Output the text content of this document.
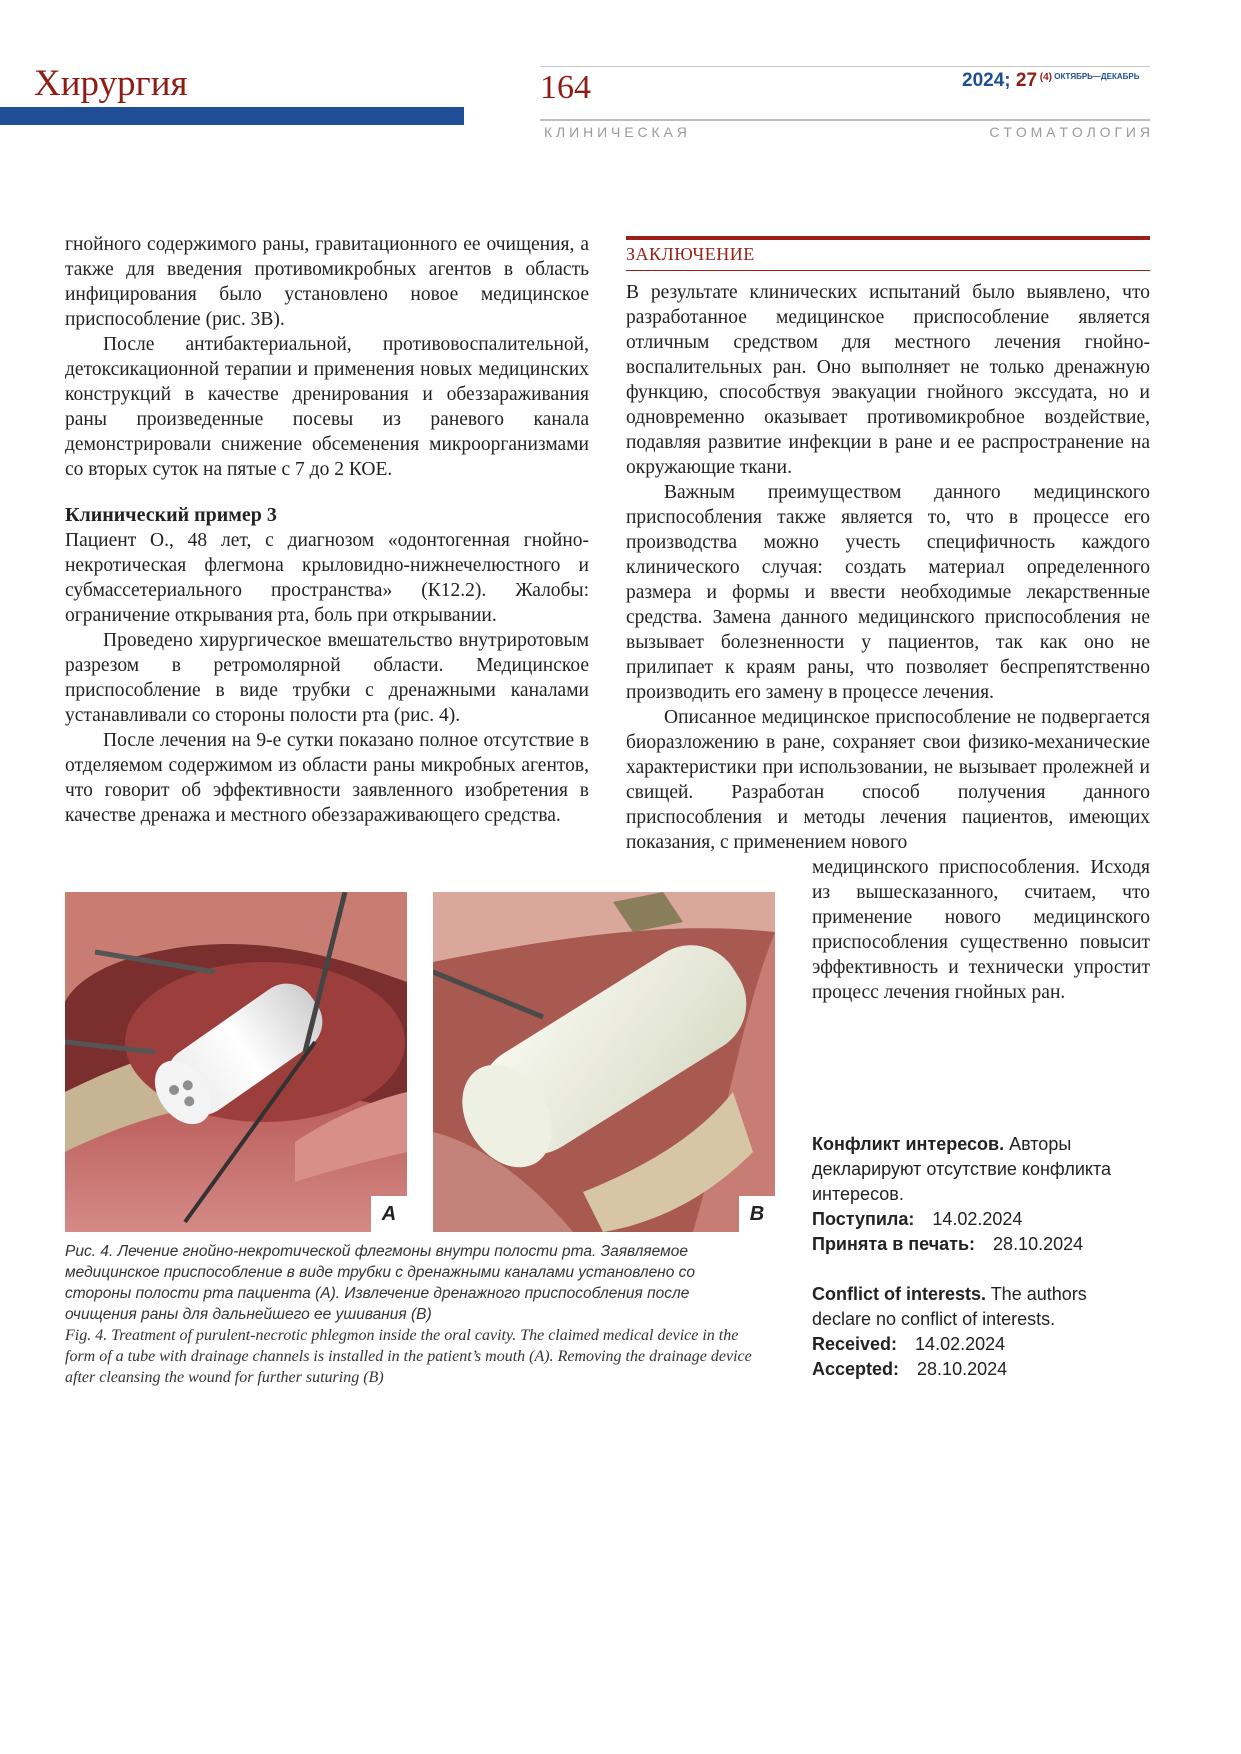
Хирургия	164	2024; 27 $^{(4)}$ $^{ОКТЯБРЬ—ДЕКАБРЬ}$
К Л И Н И Ч Е С К А Я	С Т О М А Т О Л О Г И Я

гнойного содержимого раны, гравитационного ее очищения, а также для введения противомикробных агентов в область инфицирования было установлено новое медицинское приспособление (рис. 3В).

После антибактериальной, противовоспалительной, детоксикационной терапии и применения новых медицинских конструкций в качестве дренирования и обеззараживания раны произведенные посевы из раневого канала демонстрировали снижение обсеменения микроорганизмами со вторых суток на пятые с 7 до 2 КОЕ.

Клинический пример 3

Пациент О., 48 лет, с диагнозом «одонтогенная гнойно-некротическая флегмона крыловидно-нижнечелюстного и субмассетериального пространства» (К12.2). Жалобы: ограничение открывания рта, боль при открывании.

Проведено хирургическое вмешательство внутриротовым разрезом в ретромолярной области. Медицинское приспособление в виде трубки с дренажными каналами устанавливали со стороны полости рта (рис. 4).

После лечения на 9-е сутки показано полное отсутствие в отделяемом содержимом из области раны микробных агентов, что говорит об эффективности заявленного изобретения в качестве дренажа и местного обеззараживающего средства.

ЗАКЛЮЧЕНИЕ

В результате клинических испытаний было выявлено, что разработанное медицинское приспособление является отличным средством для местного лечения гнойно-воспалительных ран. Оно выполняет не только дренажную функцию, способствуя эвакуации гнойного экссудата, но и одновременно оказывает противомикробное воздействие, подавляя развитие инфекции в ране и ее распространение на окружающие ткани.

Важным преимуществом данного медицинского приспособления также является то, что в процессе его производства можно учесть специфичность каждого клинического случая: создать материал определенного размера и формы и ввести необходимые лекарственные средства. Замена данного медицинского приспособления не вызывает болезненности у пациентов, так как оно не прилипает к краям раны, что позволяет беспрепятственно производить его замену в процессе лечения.

Описанное медицинское приспособление не подвергается биоразложению в ране, сохраняет свои физико-механические характеристики при использовании, не вызывает пролежней и свищей. Разработан способ получения данного приспособления и методы лечения пациентов, имеющих показания, с применением нового

медицинского приспособления. Исходя из вышесказанного, считаем, что применение нового медицинского приспособления существенно повысит эффективность и технически упростит процесс лечения гнойных ран.

A	B
Рис. 4. Лечение гнойно-некротической флегмоны внутри полости рта. Заявляемое медицинское приспособление в виде трубки с дренажными каналами установлено со стороны полости рта пациента (А). Извлечение дренажного приспособления после очищения раны для дальнейшего ее ушивания (В)
Fig. 4. Treatment of purulent-necrotic phlegmon inside the oral cavity. The claimed medical device in the form of a tube with drainage channels is installed in the patient’s mouth (A). Removing the drainage device after cleansing the wound for further suturing (B)
Конфликт интересов. Авторы декларируют отсутствие конфликта интересов.
Поступила: 14.02.2024
Принята в печать: 28.10.2024
Conflict of interests. The authors declare no conflict of interests.
Received: 14.02.2024
Accepted: 28.10.2024
